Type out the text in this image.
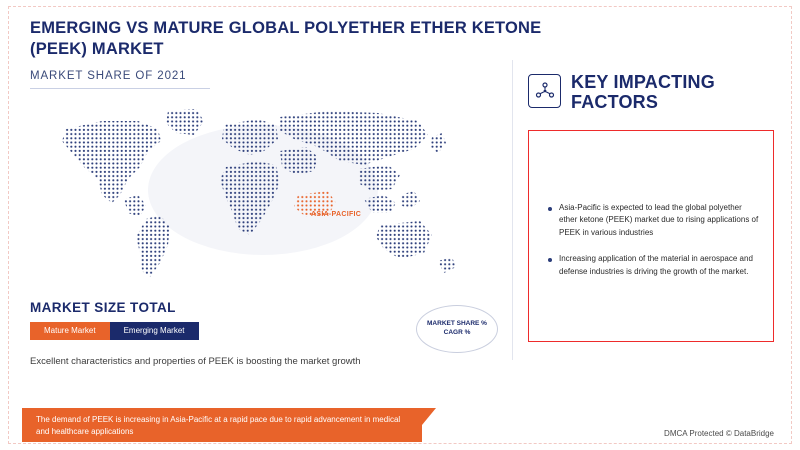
EMERGING VS MATURE GLOBAL POLYETHER ETHER KETONE (PEEK) MARKET
MARKET SHARE OF 2021
ASIA-PACIFIC
MARKET SIZE TOTAL
Mature Market	Emerging Market
Excellent characteristics and properties of PEEK is boosting the market growth
MARKET SHARE %
CAGR %
The demand of PEEK is increasing in Asia-Pacific at a rapid pace due to rapid advancement in medical and healthcare applications
KEY IMPACTING FACTORS
Asia-Pacific is expected to lead the global polyether ether ketone (PEEK) market due to rising applications of PEEK in various industries
Increasing application of the material in aerospace and defense industries is driving the growth of the market.
DMCA Protected © DataBridge
